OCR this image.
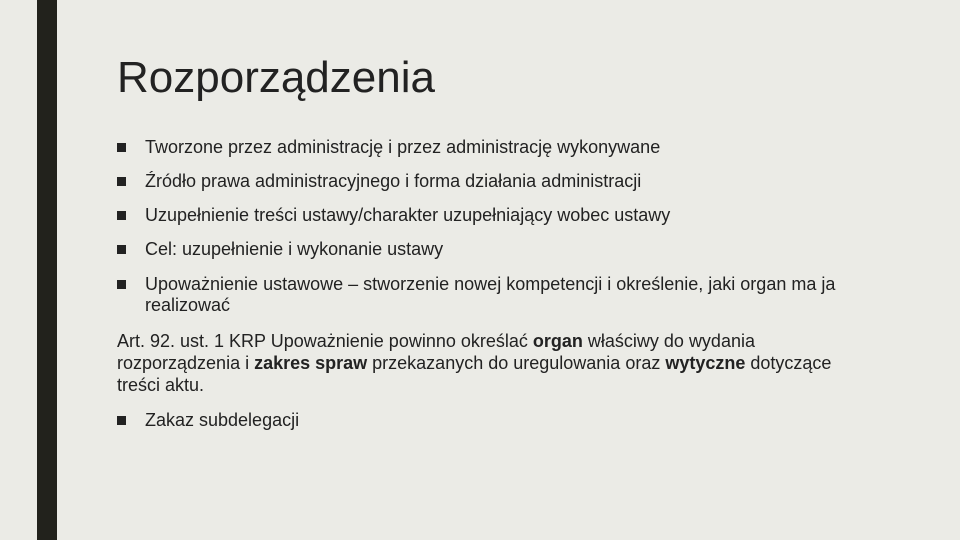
Rozporządzenia
Tworzone przez administrację i przez administrację wykonywane
Źródło prawa administracyjnego i forma działania administracji
Uzupełnienie treści ustawy/charakter uzupełniający wobec ustawy
Cel: uzupełnienie i wykonanie ustawy
Upoważnienie ustawowe – stworzenie nowej kompetencji i określenie, jaki organ ma ja realizować
Art. 92. ust. 1 KRP Upoważnienie powinno określać organ właściwy do wydania rozporządzenia i zakres spraw przekazanych do uregulowania oraz wytyczne dotyczące treści aktu.
Zakaz subdelegacji
